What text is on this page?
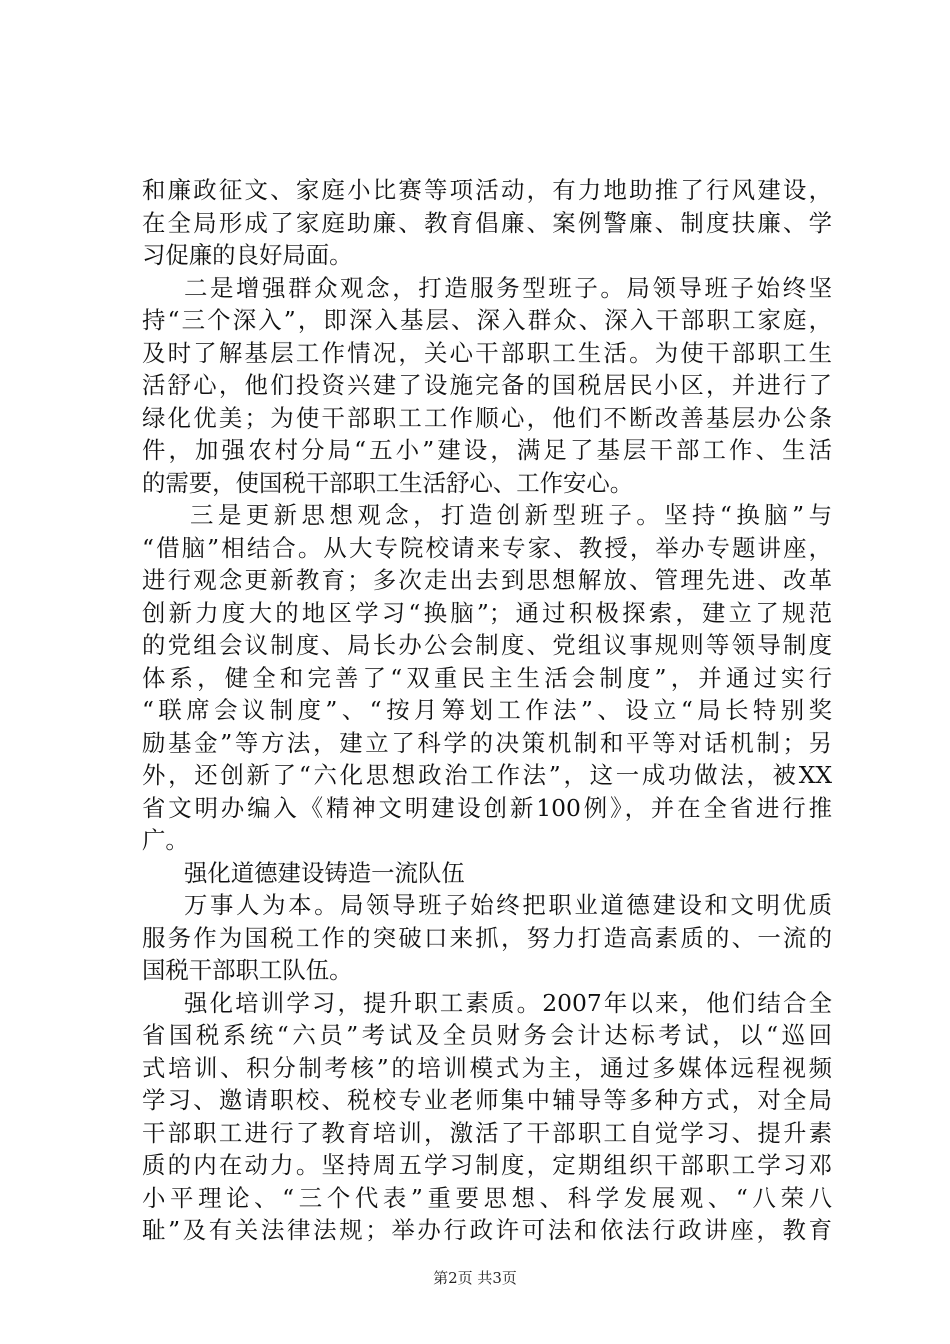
和廉政征文、家庭小比赛等项活动，有力地助推了行风建设，
在全局形成了家庭助廉、教育倡廉、案例警廉、制度扶廉、学
习促廉的良好局面。
二是增强群众观念，打造服务型班子。局领导班子始终坚
持“三个深入”，即深入基层、深入群众、深入干部职工家庭，
及时了解基层工作情况，关心干部职工生活。为使干部职工生
活舒心，他们投资兴建了设施完备的国税居民小区，并进行了
绿化优美；为使干部职工工作顺心，他们不断改善基层办公条
件，加强农村分局“五小”建设，满足了基层干部工作、生活
的需要，使国税干部职工生活舒心、工作安心。
三是更新思想观念，打造创新型班子。坚持“换脑”与
“借脑”相结合。从大专院校请来专家、教授，举办专题讲座，
进行观念更新教育；多次走出去到思想解放、管理先进、改革
创新力度大的地区学习“换脑”；通过积极探索，建立了规范
的党组会议制度、局长办公会制度、党组议事规则等领导制度
体系，健全和完善了“双重民主生活会制度”，并通过实行
“联席会议制度”、“按月筹划工作法”、设立“局长特别奖
励基金”等方法，建立了科学的决策机制和平等对话机制；另
外，还创新了“六化思想政治工作法”，这一成功做法，被XX
省文明办编入《精神文明建设创新100例》，并在全省进行推
广。
强化道德建设铸造一流队伍
万事人为本。局领导班子始终把职业道德建设和文明优质
服务作为国税工作的突破口来抓，努力打造高素质的、一流的
国税干部职工队伍。
强化培训学习，提升职工素质。2007年以来，他们结合全
省国税系统“六员”考试及全员财务会计达标考试，以“巡回
式培训、积分制考核”的培训模式为主，通过多媒体远程视频
学习、邀请职校、税校专业老师集中辅导等多种方式，对全局
干部职工进行了教育培训，激活了干部职工自觉学习、提升素
质的内在动力。坚持周五学习制度，定期组织干部职工学习邓
小平理论、“三个代表”重要思想、科学发展观、“八荣八
耻”及有关法律法规；举办行政许可法和依法行政讲座，教育
第2页 共3页
